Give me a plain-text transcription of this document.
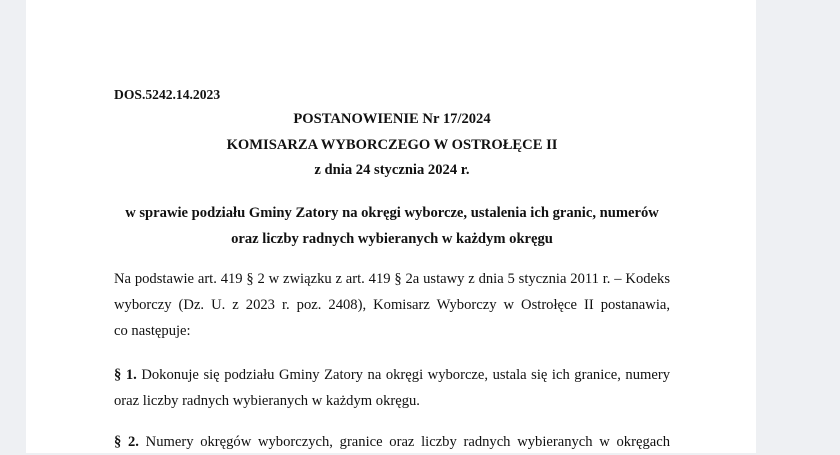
DOS.5242.14.2023
POSTANOWIENIE Nr 17/2024
KOMISARZA WYBORCZEGO W OSTROŁĘCE II
z dnia 24 stycznia 2024 r.
w sprawie podziału Gminy Zatory na okręgi wyborcze, ustalenia ich granic, numerów
oraz liczby radnych wybieranych w każdym okręgu
Na podstawie art. 419 § 2 w związku z art. 419 § 2a ustawy z dnia 5 stycznia 2011 r. – Kodeks
wyborczy (Dz. U. z 2023 r. poz. 2408), Komisarz Wyborczy w Ostrołęce II postanawia,
co następuje:
§ 1. Dokonuje się podziału Gminy Zatory na okręgi wyborcze, ustala się ich granice, numery
oraz liczby radnych wybieranych w każdym okręgu.
§ 2. Numery okręgów wyborczych, granice oraz liczby radnych wybieranych w okręgach
